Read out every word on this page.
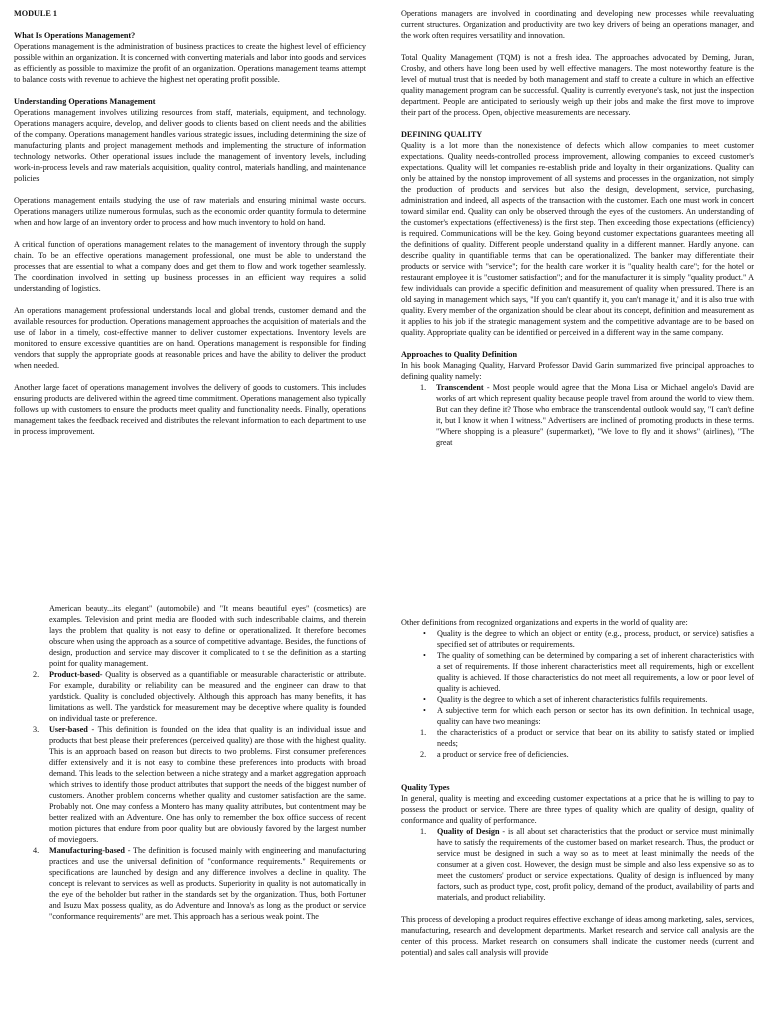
MODULE 1

What Is Operations Management?

Operations management is the administration of business practices to create the highest level of efficiency possible within an organization. It is concerned with converting materials and labor into goods and services as efficiently as possible to maximize the profit of an organization. Operations management teams attempt to balance costs with revenue to achieve the highest net operating profit possible.

Understanding Operations Management

Operations management involves utilizing resources from staff, materials, equipment, and technology. Operations managers acquire, develop, and deliver goods to clients based on client needs and the abilities of the company. Operations management handles various strategic issues, including determining the size of manufacturing plants and project management methods and implementing the structure of information technology networks. Other operational issues include the management of inventory levels, including work-in-process levels and raw materials acquisition, quality control, materials handling, and maintenance policies

Operations management entails studying the use of raw materials and ensuring minimal waste occurs. Operations managers utilize numerous formulas, such as the economic order quantity formula to determine when and how large of an inventory order to process and how much inventory to hold on hand.

A critical function of operations management relates to the management of inventory through the supply chain. To be an effective operations management professional, one must be able to understand the processes that are essential to what a company does and get them to flow and work together seamlessly. The coordination involved in setting up business processes in an efficient way requires a solid understanding of logistics.

An operations management professional understands local and global trends, customer demand and the available resources for production. Operations management approaches the acquisition of materials and the use of labor in a timely, cost-effective manner to deliver customer expectations. Inventory levels are monitored to ensure excessive quantities are on hand. Operations management is responsible for finding vendors that supply the appropriate goods at reasonable prices and have the ability to deliver the product when needed.

Another large facet of operations management involves the delivery of goods to customers. This includes ensuring products are delivered within the agreed time commitment. Operations management also typically follows up with customers to ensure the products meet quality and functionality needs. Finally, operations management takes the feedback received and distributes the relevant information to each department to use in process improvement.

Operations managers are involved in coordinating and developing new processes while reevaluating current structures. Organization and productivity are two key drivers of being an operations manager, and the work often requires versatility and innovation.

Total Quality Management (TQM) is not a fresh idea. The approaches advocated by Deming, Juran, Crosby, and others have long been used by well effective managers. The most noteworthy feature is the level of mutual trust that is needed by both management and staff to create a culture in which an effective quality management program can be successful. Quality is currently everyone's task, not just the inspection department. People are anticipated to seriously weigh up their jobs and make the first move to improve their part of the process. Open, objective measurements are necessary.

DEFINING QUALITY

Quality is a lot more than the nonexistence of defects which allow companies to meet customer expectations. Quality needs-controlled process improvement, allowing companies to exceed customer's expectations. Quality will let companies re-establish pride and loyalty in their organizations. Quality can only be attained by the nonstop improvement of all systems and processes in the organization, not simply the production of products and services but also the design, development, service, purchasing, administration and indeed, all aspects of the transaction with the customer. Each one must work in concert toward similar end. Quality can only be observed through the eyes of the customers. An understanding of the customer's expectations (effectiveness) is the first step. Then exceeding those expectations (efficiency) is required. Communications will be the key. Going beyond customer expectations guarantees meeting all the definitions of quality. Different people understand quality in a different manner. Hardly anyone. can describe quality in quantifiable terms that can be operationalized. The banker may differentiate their products or service with "service"; for the health care worker it is "quality health care"; for the hotel or restaurant employee it is "customer satisfaction"; and for the manufacturer it is simply "quality product." A few individuals can provide a specific definition and measurement of quality when pressured. There is an old saying in management which says, "If you can't quantify it, you can't manage it,' and it is also true with quality. Every member of the organization should be clear about its concept, definition and measurement as it applies to his job if the strategic management system and the competitive advantage are to be based on quality. Appropriate quality can be identified or perceived in a different way in the same company.

Approaches to Quality Definition

In his book Managing Quality, Harvard Professor David Garin summarized five principal approaches to defining quality namely:

1. Transcendent - Most people would agree that the Mona Lisa or Michael angelo's David are works of art which represent quality because people travel from around the world to view them. But can they define it? Those who embrace the transcendental outlook would say, "I can't define it, but I know it when I witness." Advertisers are inclined of promoting products in these terms. "Where shopping is a pleasure" (supermarket), "We love to fly and it shows" (airlines), "The great

American beauty...its elegant" (automobile) and "It means beautiful eyes" (cosmetics) are examples. Television and print media are flooded with such indescribable claims, and therein lays the problem that quality is not easy to define or operationalized. It therefore becomes obscure when using the approach as a source of competitive advantage. Besides, the functions of design, production and service may discover it complicated to t se the definition as a starting point for quality management.

2. Product-based- Quality is observed as a quantifiable or measurable characteristic or attribute. For example, durability or reliability can be measured and the engineer can draw to that yardstick. Quality is concluded objectively. Although this approach has many benefits, it has limitations as well. The yardstick for measurement may be deceptive where quality is founded on individual taste or preference.
3. User-based - This definition is founded on the idea that quality is an individual issue and products that best please their preferences (perceived quality) are those with the highest quality. This is an approach based on reason but directs to two problems. First consumer preferences differ extensively and it is not easy to combine these preferences into products with broad demand. This leads to the selection between a niche strategy and a market aggregation approach which strives to identify those product attributes that support the needs of the biggest number of customers. Another problem concerns whether quality and customer satisfaction are the same. Probably not. One may confess a Montero has many quality attributes, but contentment may be better realized with an Adventure. One has only to remember the box office success of recent motion pictures that endure from poor quality but are obviously favored by the largest number of moviegoers.
4. Manufacturing-based - The definition is focused mainly with engineering and manufacturing practices and use the universal definition of "conformance requirements." Requirements or specifications are launched by design and any difference involves a decline in quality. The concept is relevant to services as well as products. Superiority in quality is not automatically in the eye of the beholder but rather in the standards set by the organization. Thus, both Fortuner and Isuzu Max possess quality, as do Adventure and Innova's as long as the product or service "conformance requirements" are met. This approach has a serious weak point. The

Other definitions from recognized organizations and experts in the world of quality are:

• Quality is the degree to which an object or entity (e.g., process, product, or service) satisfies a specified set of attributes or requirements.
• The quality of something can be determined by comparing a set of inherent characteristics with a set of requirements. If those inherent characteristics meet all requirements, high or excellent quality is achieved. If those characteristics do not meet all requirements, a low or poor level of quality is achieved.
• Quality is the degree to which a set of inherent characteristics fulfils requirements.
• A subjective term for which each person or sector has its own definition. In technical usage, quality can have two meanings:
1. the characteristics of a product or service that bear on its ability to satisfy stated or implied needs;
2. a product or service free of deficiencies.

Quality Types

In general, quality is meeting and exceeding customer expectations at a price that he is willing to pay to possess the product or service. There are three types of quality which are quality of design, quality of conformance and quality of performance.

1. Quality of Design - is all about set characteristics that the product or service must minimally have to satisfy the requirements of the customer based on market research. Thus, the product or service must be designed in such a way so as to meet at least minimally the needs of the consumer at a given cost. However, the design must be simple and also less expensive so as to meet the customers' product or service expectations. Quality of design is influenced by many factors, such as product type, cost, profit policy, demand of the product, availability of parts and materials, and product reliability.

This process of developing a product requires effective exchange of ideas among marketing, sales, services, manufacturing, research and development departments. Market research and service call analysis are the center of this process. Market research on consumers shall indicate the customer needs (current and potential) and sales call analysis will provide
